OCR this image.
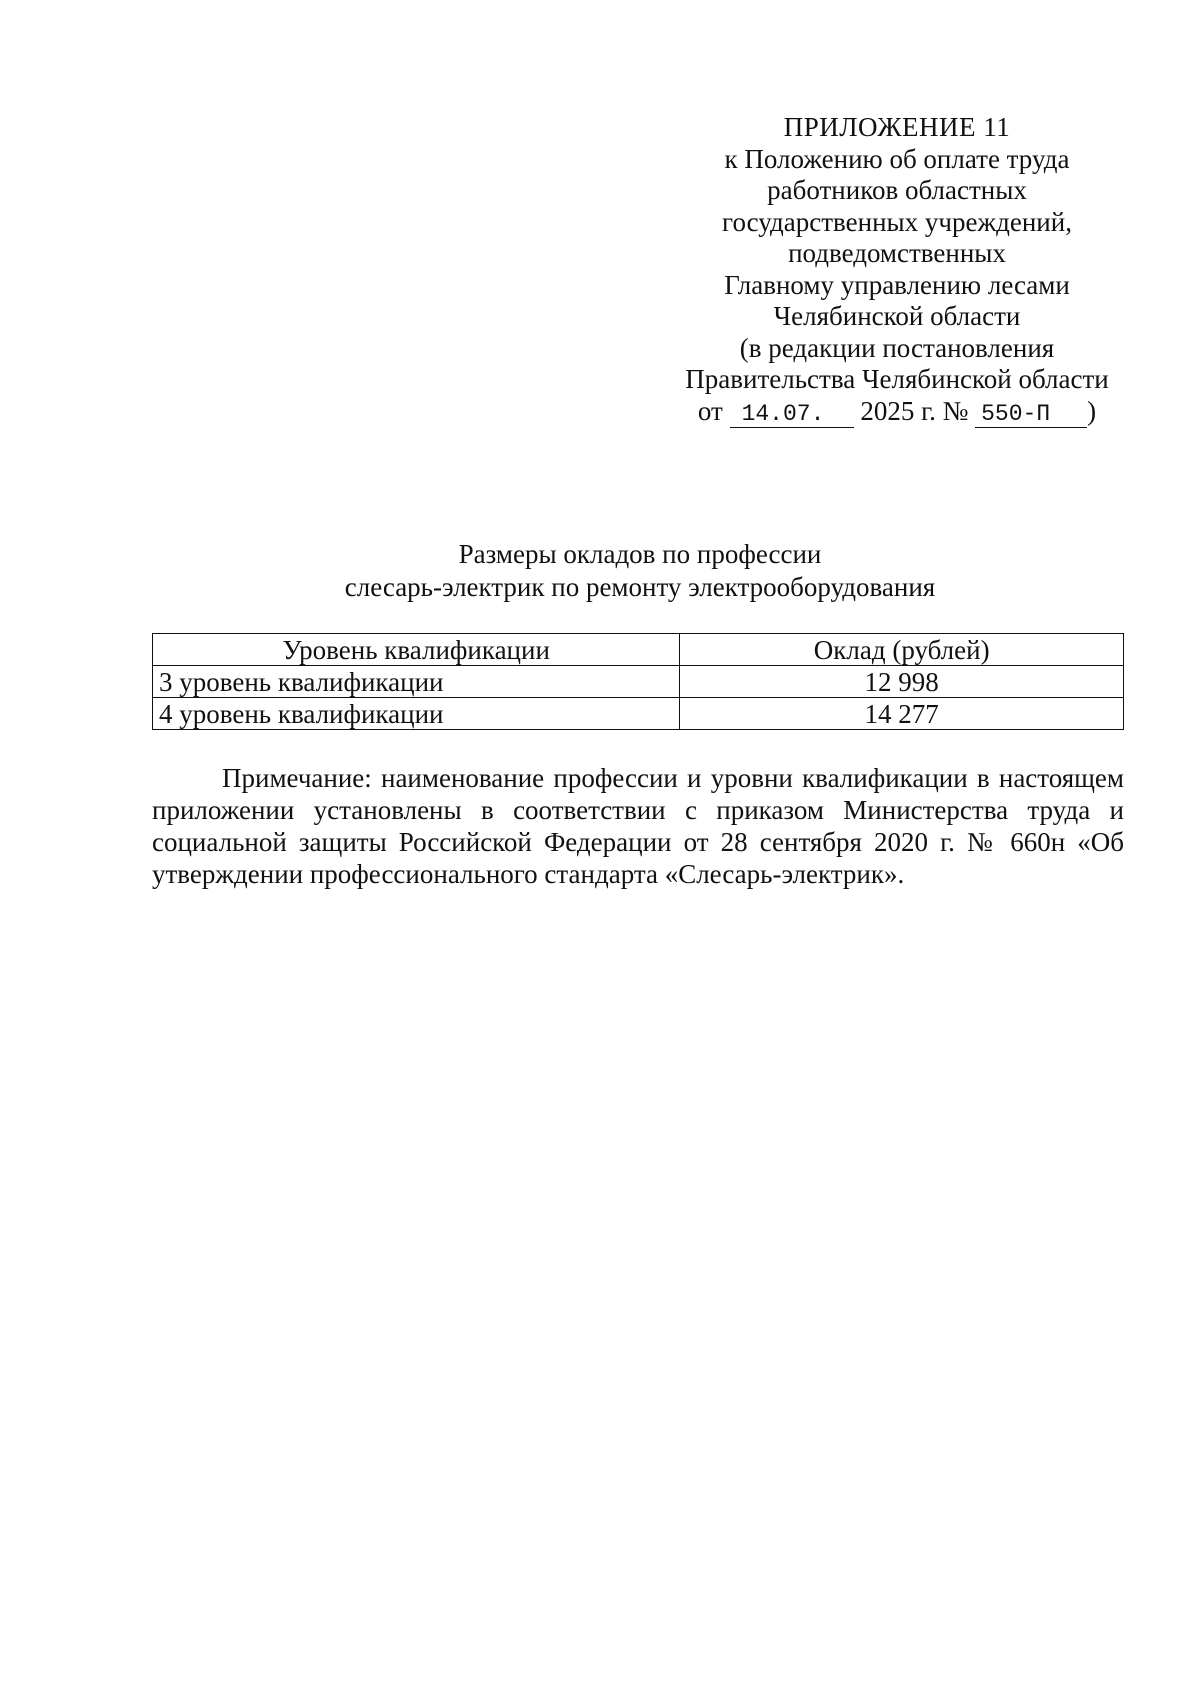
ПРИЛОЖЕНИЕ 11
к Положению об оплате труда
работников областных
государственных учреждений,
подведомственных
Главному управлению лесами
Челябинской области
(в редакции постановления
Правительства Челябинской области
от 14.07. 2025 г. № 550-П )
Размеры окладов по профессии
слесарь-электрик по ремонту электрооборудования
Уровень квалификации	Оклад (рублей)
3 уровень квалификации	12 998
4 уровень квалификации	14 277
Примечание: наименование профессии и уровни квалификации в настоящем приложении установлены в соответствии с приказом Министерства труда и социальной защиты Российской Федерации от 28 сентября 2020 г. № 660н «Об утверждении профессионального стандарта «Слесарь-электрик».
